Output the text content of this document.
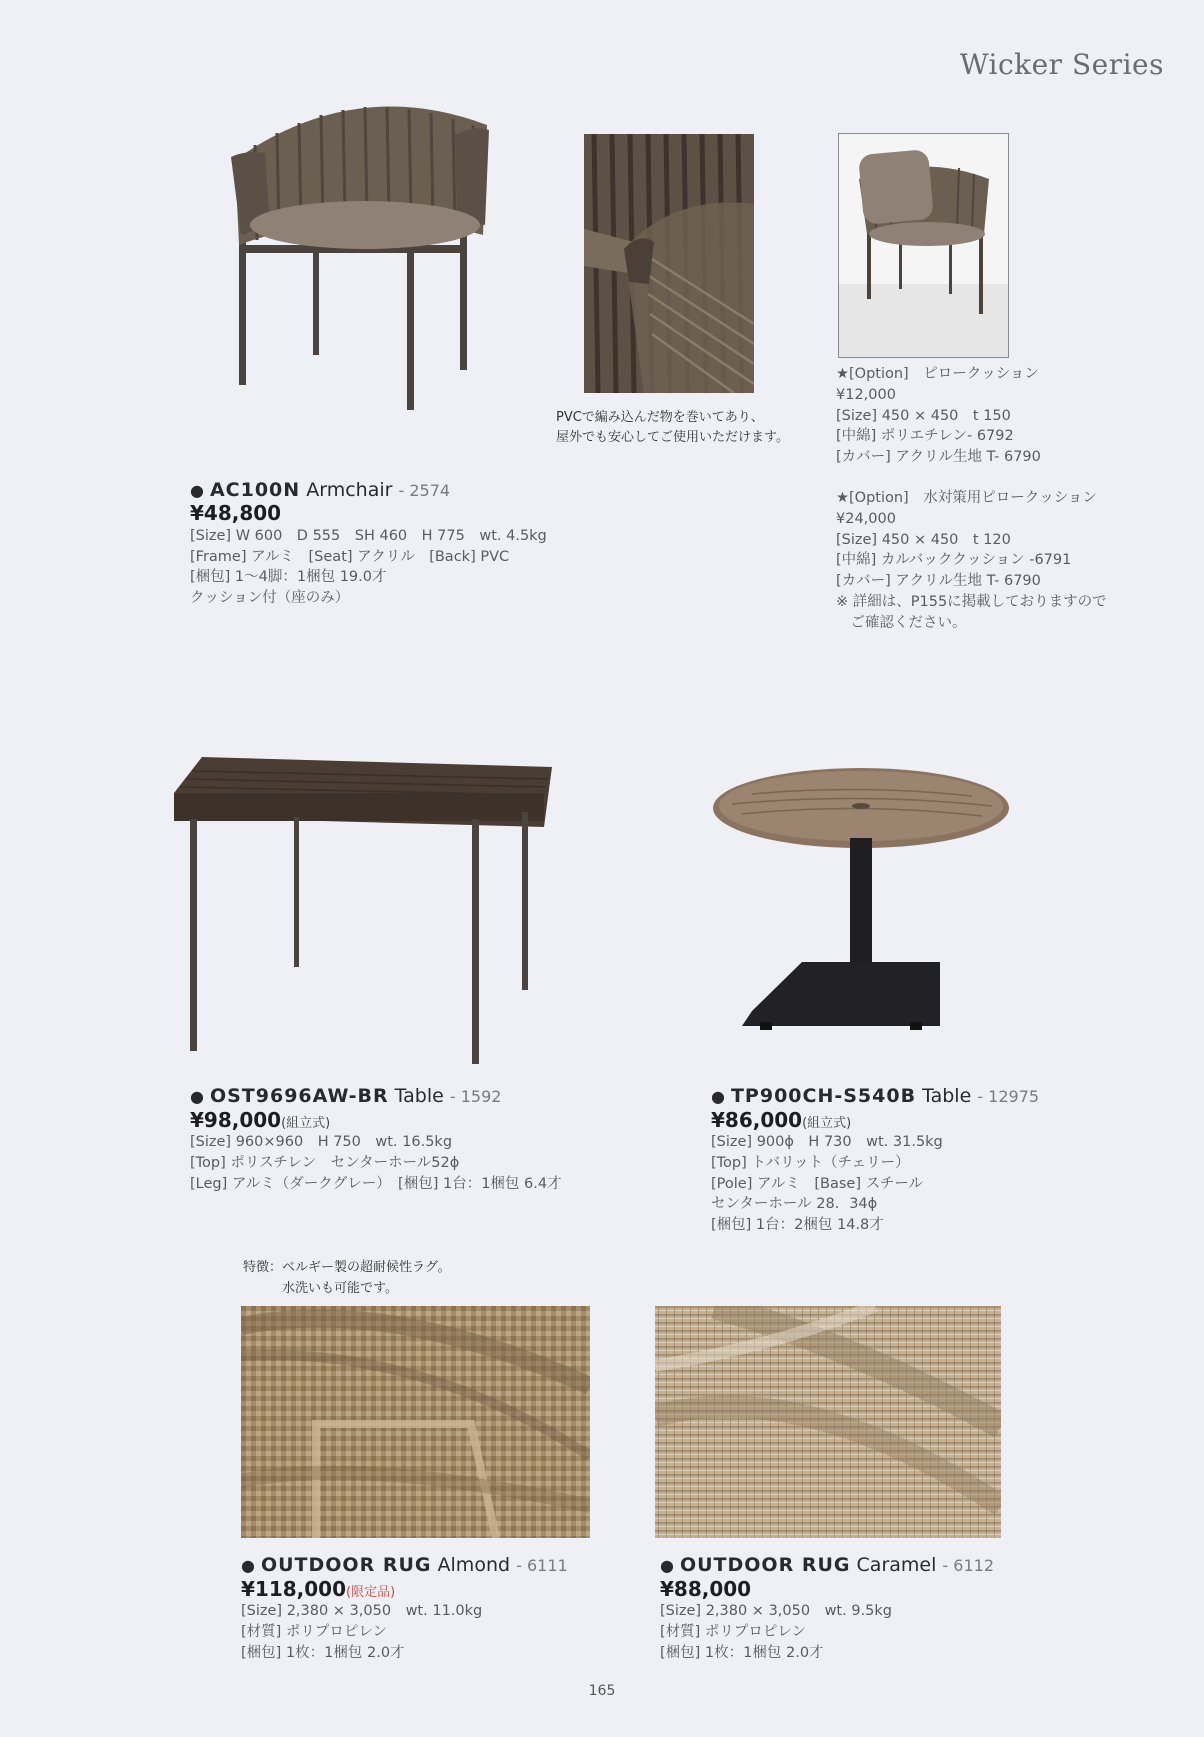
Wicker Series
PVCで編み込んだ物を巻いてあり、
屋外でも安心してご使用いただけます。
★[Option]　ピロークッション
¥12,000
[Size] 450 × 450　t 150
[中綿] ポリエチレン- 6792
[カバー] アクリル生地 T- 6790
★[Option]　水対策用ピロークッション
¥24,000
[Size] 450 × 450　t 120
[中綿] カルバッククッション -6791
[カバー] アクリル生地 T- 6790
※ 詳細は、P155に掲載しておりますので
　ご確認ください。
● AC100N Armchair - 2574
¥48,800
[Size] W 600　D 555　SH 460　H 775　wt. 4.5kg
[Frame] アルミ　[Seat] アクリル　[Back] PVC
[梱包] 1〜4脚：1梱包 19.0才
クッション付（座のみ）
● OST9696AW-BR Table - 1592
¥98,000(組立式)
[Size] 960×960　H 750　wt. 16.5kg
[Top] ポリスチレン　センターホール52ϕ
[Leg] アルミ（ダークグレー）　[梱包] 1台：1梱包 6.4才
● TP900CH-S540B Table - 12975
¥86,000(組立式)
[Size] 900ϕ　H 730　wt. 31.5kg
[Top] トバリット（チェリー）
[Pole] アルミ　[Base] スチール
センターホール 28．34ϕ
[梱包] 1台：2梱包 14.8才
特徴：ベルギー製の超耐候性ラグ。
　　　水洗いも可能です。
● OUTDOOR RUG Almond - 6111
¥118,000(限定品)
[Size] 2,380 × 3,050　wt. 11.0kg
[材質] ポリプロピレン
[梱包] 1枚：1梱包 2.0才
● OUTDOOR RUG Caramel - 6112
¥88,000
[Size] 2,380 × 3,050　wt. 9.5kg
[材質] ポリプロピレン
[梱包] 1枚：1梱包 2.0才
165
